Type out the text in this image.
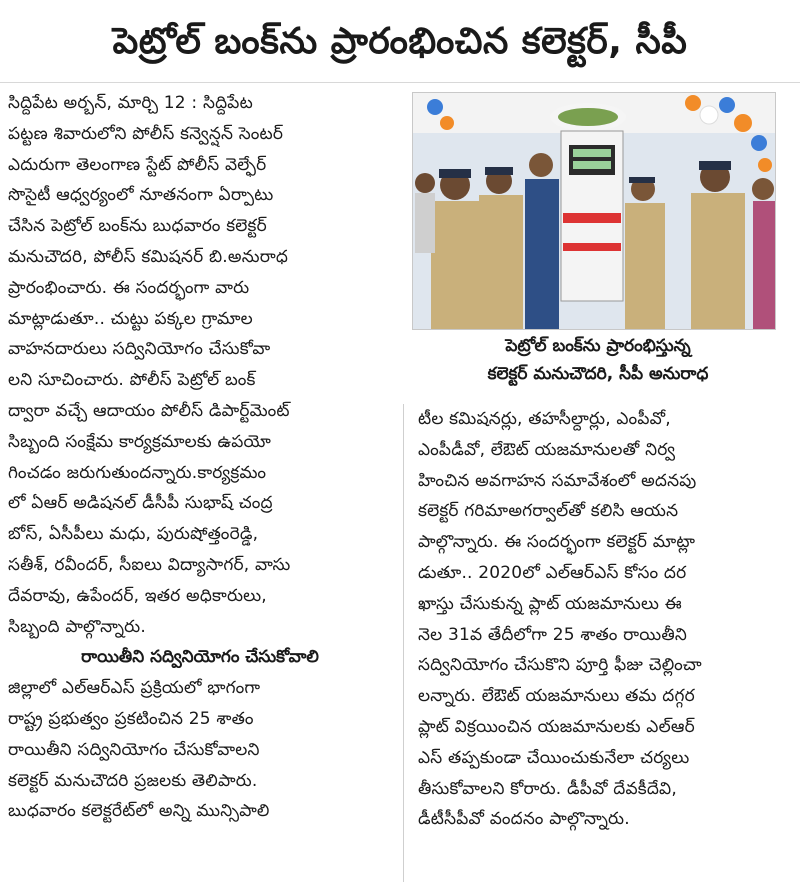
పెట్రోల్ బంక్‌ను ప్రారంభించిన కలెక్టర్, సీపీ

సిద్దిపేట అర్బన్, మార్చి 12 : సిద్దిపేట
పట్టణ శివారులోని పోలీస్ కన్వెన్షన్ సెంటర్
ఎదురుగా తెలంగాణ స్టేట్ పోలీస్ వెల్ఫేర్
సొసైటీ ఆధ్వర్యంలో నూతనంగా ఏర్పాటు
చేసిన పెట్రోల్ బంక్‌ను బుధవారం కలెక్టర్
మనుచౌదరి, పోలీస్ కమిషనర్ బి.అనురాధ
ప్రారంభించారు. ఈ సందర్భంగా వారు
మాట్లాడుతూ.. చుట్టు పక్కల గ్రామాల
వాహనదారులు సద్వినియోగం చేసుకోవా
లని సూచించారు. పోలీస్ పెట్రోల్ బంక్
ద్వారా వచ్చే ఆదాయం పోలీస్ డిపార్ట్‌మెంట్
సిబ్బంది సంక్షేమ కార్యక్రమాలకు ఉపయో
గించడం జరుగుతుందన్నారు.కార్యక్రమం
లో ఏఆర్ అడిషనల్ డీసీపీ సుభాష్ చంద్ర
బోస్, ఏసీపీలు మధు, పురుషోత్తంరెడ్డి,
సతీశ్, రవీందర్, సీఐలు విద్యాసాగర్, వాసు
దేవరావు, ఉపేందర్, ఇతర అధికారులు,
సిబ్బంది పాల్గొన్నారు.

రాయితీని సద్వినియోగం చేసుకోవాలి

జిల్లాలో ఎల్ఆర్ఎస్ ప్రక్రియలో భాగంగా
రాష్ట్ర ప్రభుత్వం ప్రకటించిన 25 శాతం
రాయితీని సద్వినియోగం చేసుకోవాలని
కలెక్టర్ మనుచౌదరి ప్రజలకు తెలిపారు.
బుధవారం కలెక్టరేట్‌లో అన్ని మున్సిపాలి

పెట్రోల్ బంక్‌ను ప్రారంభిస్తున్న
కలెక్టర్ మనుచౌదరి, సీపీ అనురాధ

టీల కమిషనర్లు, తహసీల్దార్లు, ఎంపీవో,
ఎంపీడీవో, లేఔట్ యజమానులతో నిర్వ
హించిన అవగాహన సమావేశంలో అదనపు
కలెక్టర్ గరిమాఅగర్వాల్‌తో కలిసి ఆయన
పాల్గొన్నారు. ఈ సందర్భంగా కలెక్టర్ మాట్లా
డుతూ.. 2020లో ఎల్ఆర్ఎస్ కోసం దర
ఖాస్తు చేసుకున్న ప్లాట్ యజమానులు ఈ
నెల 31వ తేదీలోగా 25 శాతం రాయితీని
సద్వినియోగం చేసుకొని పూర్తి ఫీజు చెల్లించా
లన్నారు. లేఔట్ యజమానులు తమ దగ్గర
ప్లాట్ విక్రయించిన యజమానులకు ఎల్ఆర్
ఎస్ తప్పకుండా చేయించుకునేలా చర్యలు
తీసుకోవాలని కోరారు. డీపీవో దేవకీదేవి,
డీటీసీపీవో వందనం పాల్గొన్నారు.
